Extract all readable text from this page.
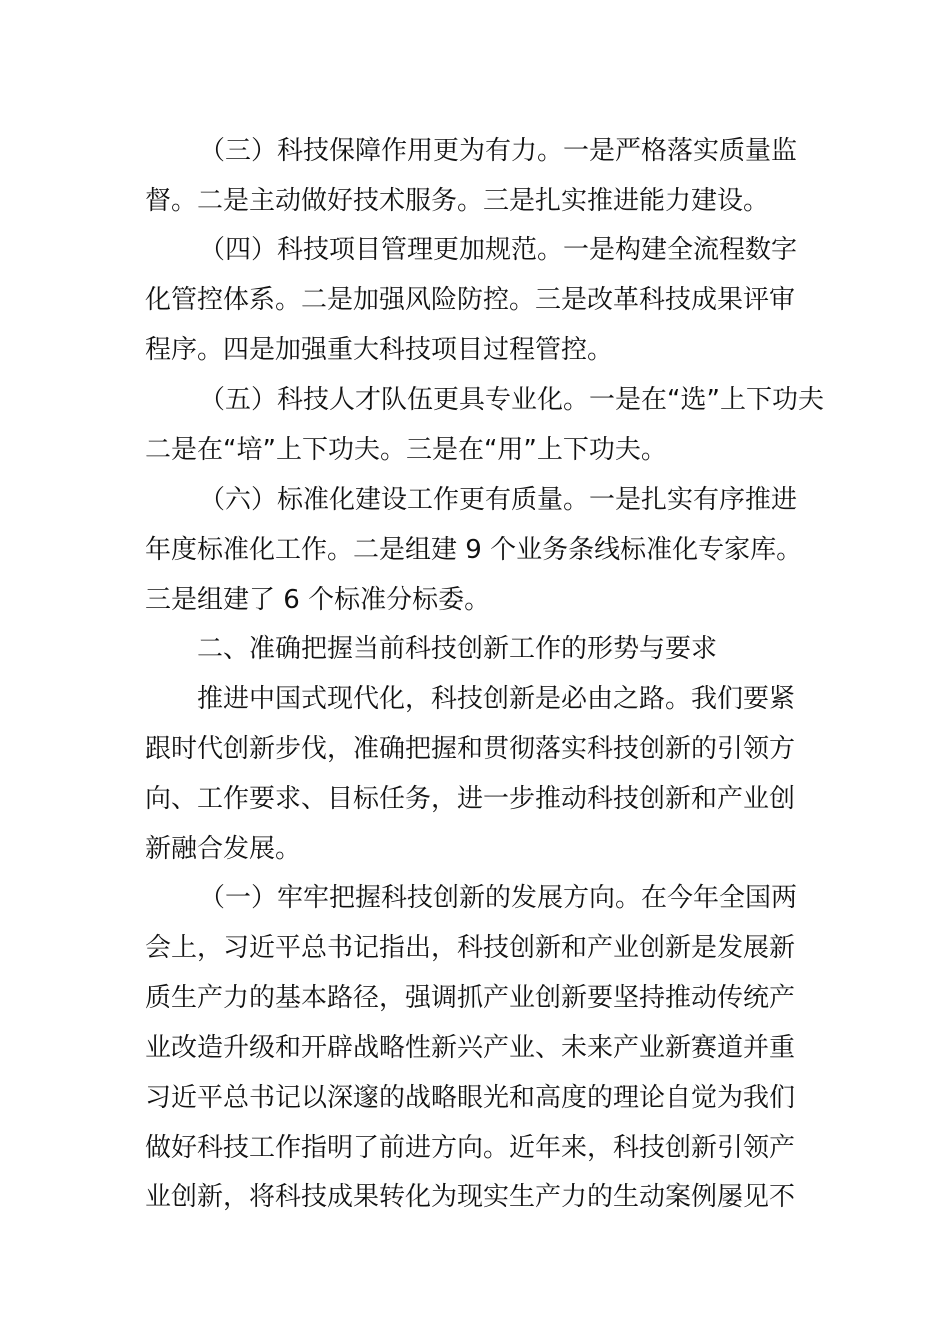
（三）科技保障作用更为有力。一是严格落实质量监

督。二是主动做好技术服务。三是扎实推进能力建设。

（四）科技项目管理更加规范。一是构建全流程数字

化管控体系。二是加强风险防控。三是改革科技成果评审

程序。四是加强重大科技项目过程管控。

（五）科技人才队伍更具专业化。一是在“选”上下功夫

二是在“培”上下功夫。三是在“用”上下功夫。

（六）标准化建设工作更有质量。一是扎实有序推进

年度标准化工作。二是组建 9 个业务条线标准化专家库。

三是组建了 6 个标准分标委。

二、准确把握当前科技创新工作的形势与要求

推进中国式现代化，科技创新是必由之路。我们要紧

跟时代创新步伐，准确把握和贯彻落实科技创新的引领方

向、工作要求、目标任务，进一步推动科技创新和产业创

新融合发展。

（一）牢牢把握科技创新的发展方向。在今年全国两

会上，习近平总书记指出，科技创新和产业创新是发展新

质生产力的基本路径，强调抓产业创新要坚持推动传统产

业改造升级和开辟战略性新兴产业、未来产业新赛道并重

习近平总书记以深邃的战略眼光和高度的理论自觉为我们

做好科技工作指明了前进方向。近年来，科技创新引领产

业创新，将科技成果转化为现实生产力的生动案例屡见不
